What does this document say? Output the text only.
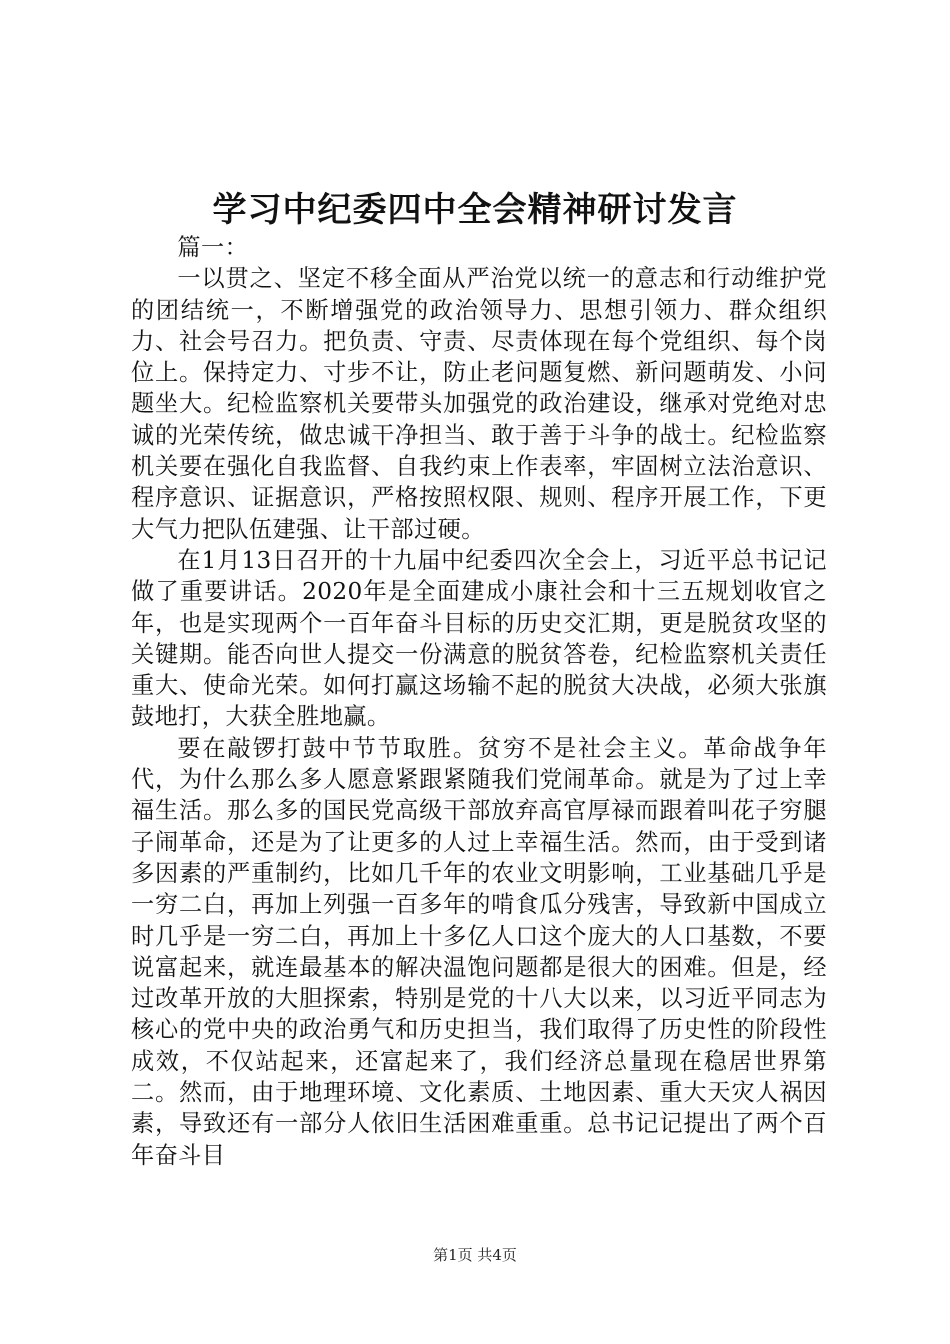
学习中纪委四中全会精神研讨发言

篇一：

一以贯之、坚定不移全面从严治党以统一的意志和行动维护党的团结统一，不断增强党的政治领导力、思想引领力、群众组织力、社会号召力。把负责、守责、尽责体现在每个党组织、每个岗位上。保持定力、寸步不让，防止老问题复燃、新问题萌发、小问题坐大。纪检监察机关要带头加强党的政治建设，继承对党绝对忠诚的光荣传统，做忠诚干净担当、敢于善于斗争的战士。纪检监察机关要在强化自我监督、自我约束上作表率，牢固树立法治意识、程序意识、证据意识，严格按照权限、规则、程序开展工作，下更大气力把队伍建强、让干部过硬。

在1月13日召开的十九届中纪委四次全会上，习近平总书记记做了重要讲话。2020年是全面建成小康社会和十三五规划收官之年，也是实现两个一百年奋斗目标的历史交汇期，更是脱贫攻坚的关键期。能否向世人提交一份满意的脱贫答卷，纪检监察机关责任重大、使命光荣。如何打赢这场输不起的脱贫大决战，必须大张旗鼓地打，大获全胜地赢。

要在敲锣打鼓中节节取胜。贫穷不是社会主义。革命战争年代，为什么那么多人愿意紧跟紧随我们党闹革命。就是为了过上幸福生活。那么多的国民党高级干部放弃高官厚禄而跟着叫花子穷腿子闹革命，还是为了让更多的人过上幸福生活。然而，由于受到诸多因素的严重制约，比如几千年的农业文明影响，工业基础几乎是一穷二白，再加上列强一百多年的啃食瓜分残害，导致新中国成立时几乎是一穷二白，再加上十多亿人口这个庞大的人口基数，不要说富起来，就连最基本的解决温饱问题都是很大的困难。但是，经过改革开放的大胆探索，特别是党的十八大以来，以习近平同志为核心的党中央的政治勇气和历史担当，我们取得了历史性的阶段性成效，不仅站起来，还富起来了，我们经济总量现在稳居世界第二。然而，由于地理环境、文化素质、土地因素、重大天灾人祸因素，导致还有一部分人依旧生活困难重重。总书记记提出了两个百年奋斗目

第1页 共4页
